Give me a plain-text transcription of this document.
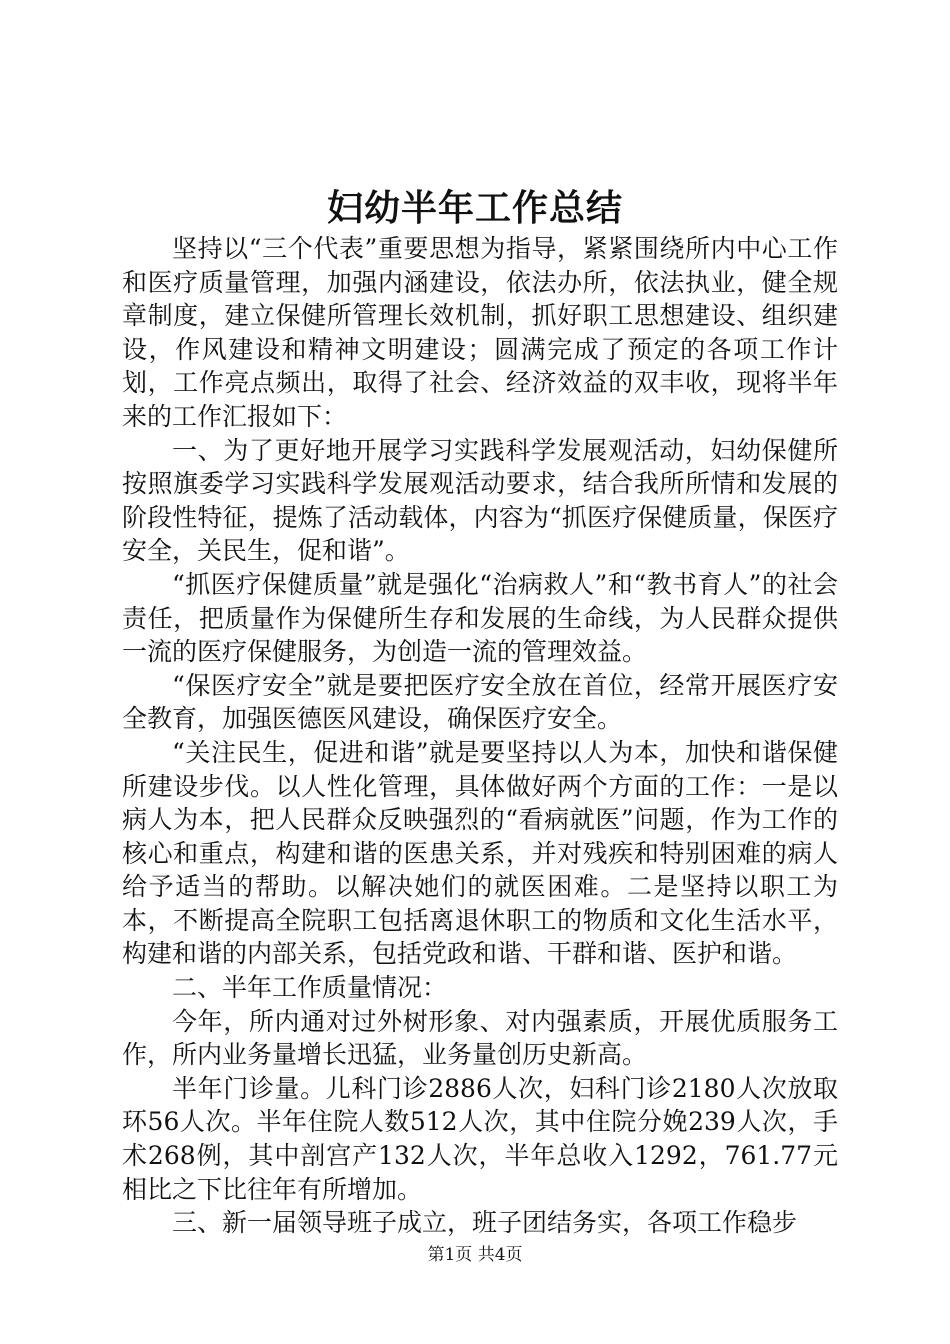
妇幼半年工作总结

坚持以“三个代表”重要思想为指导，紧紧围绕所内中心工作和医疗质量管理，加强内涵建设，依法办所，依法执业，健全规章制度，建立保健所管理长效机制，抓好职工思想建设、组织建设，作风建设和精神文明建设；圆满完成了预定的各项工作计划，工作亮点频出，取得了社会、经济效益的双丰收，现将半年来的工作汇报如下：

一、为了更好地开展学习实践科学发展观活动，妇幼保健所按照旗委学习实践科学发展观活动要求，结合我所所情和发展的阶段性特征，提炼了活动载体，内容为“抓医疗保健质量，保医疗安全，关民生，促和谐”。

“抓医疗保健质量”就是强化“治病救人”和“教书育人”的社会责任，把质量作为保健所生存和发展的生命线，为人民群众提供一流的医疗保健服务，为创造一流的管理效益。

“保医疗安全”就是要把医疗安全放在首位，经常开展医疗安全教育，加强医德医风建设，确保医疗安全。

“关注民生，促进和谐”就是要坚持以人为本，加快和谐保健所建设步伐。以人性化管理，具体做好两个方面的工作：一是以病人为本，把人民群众反映强烈的“看病就医”问题，作为工作的核心和重点，构建和谐的医患关系，并对残疾和特别困难的病人给予适当的帮助。以解决她们的就医困难。二是坚持以职工为本，不断提高全院职工包括离退休职工的物质和文化生活水平，构建和谐的内部关系，包括党政和谐、干群和谐、医护和谐。

二、半年工作质量情况：

今年，所内通对过外树形象、对内强素质，开展优质服务工作，所内业务量增长迅猛，业务量创历史新高。

半年门诊量。儿科门诊2886人次，妇科门诊2180人次放取环56人次。半年住院人数512人次，其中住院分娩239人次，手术268例，其中剖宫产132人次，半年总收入1292，761.77元相比之下比往年有所增加。

三、新一届领导班子成立，班子团结务实，各项工作稳步

第1页 共4页
